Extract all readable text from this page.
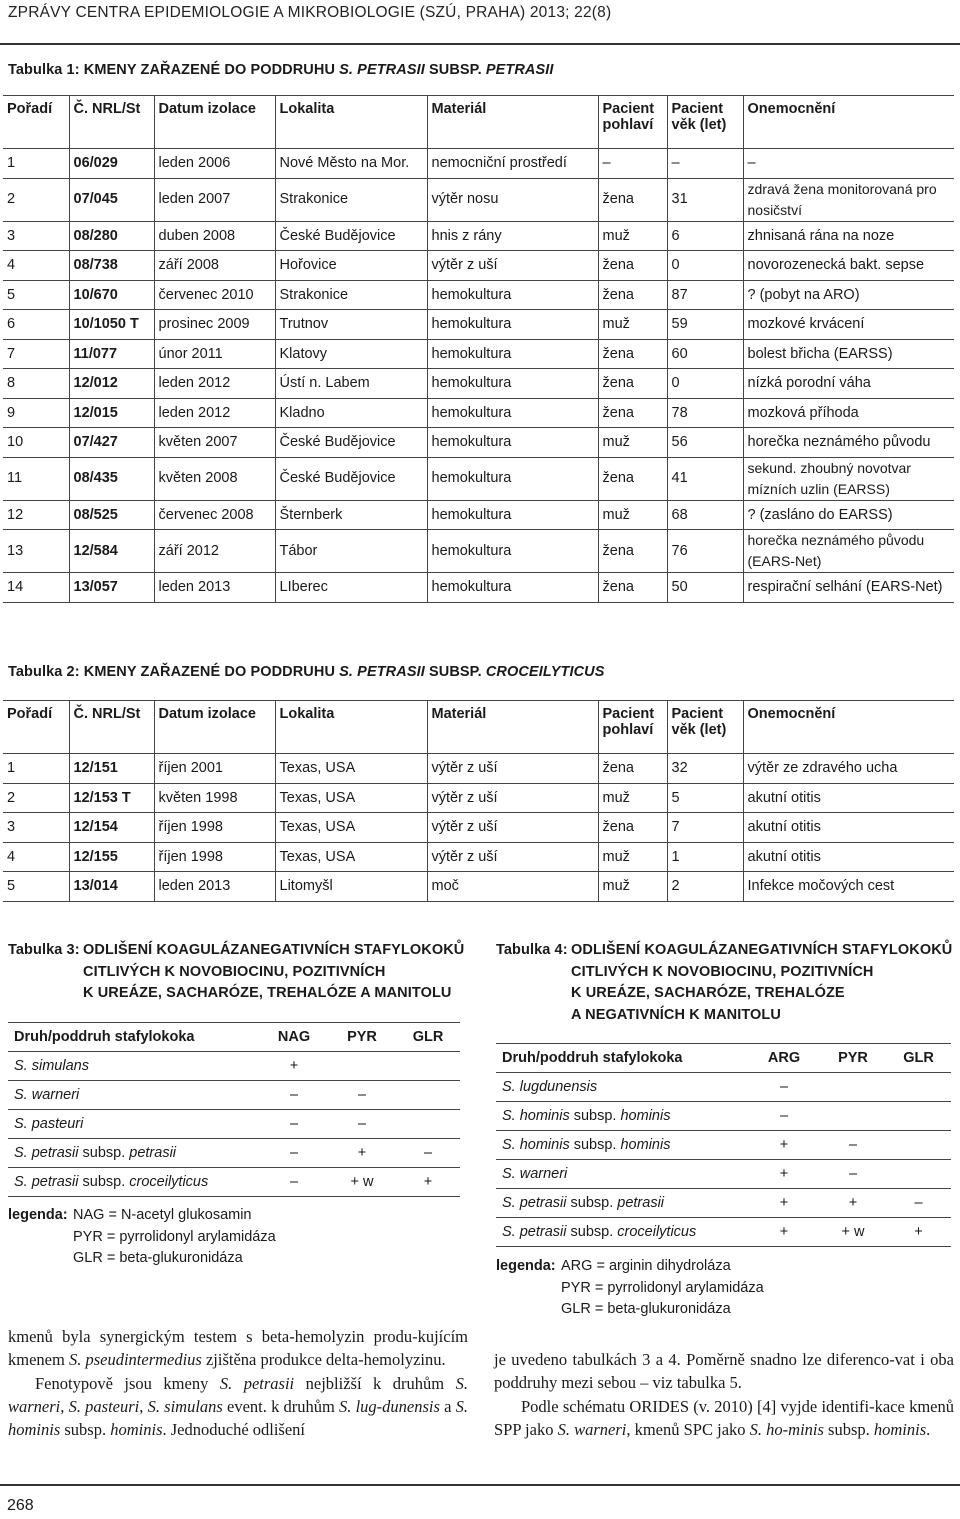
ZPRÁVY CENTRA EPIDEMIOLOGIE A MIKROBIOLOGIE (SZÚ, PRAHA) 2013; 22(8)
Tabulka 1: KMENY ZAŘAZENÉ DO PODDRUHU S. PETRASII SUBSP. PETRASII
Pořadí	Č. NRL/St	Datum izolace	Lokalita	Materiál	Pacient pohlaví	Pacient věk (let)	Onemocnění
1	06/029	leden 2006	Nové Město na Mor.	nemocniční prostředí	–	–	–
2	07/045	leden 2007	Strakonice	výtěr nosu	žena	31	zdravá žena monitorovaná pro nosičství
3	08/280	duben 2008	České Budějovice	hnis z rány	muž	6	zhnisaná rána na noze
4	08/738	září 2008	Hořovice	výtěr z uší	žena	0	novorozenecká bakt. sepse
5	10/670	červenec 2010	Strakonice	hemokultura	žena	87	? (pobyt na ARO)
6	10/1050 T	prosinec 2009	Trutnov	hemokultura	muž	59	mozkové krvácení
7	11/077	únor 2011	Klatovy	hemokultura	žena	60	bolest břicha (EARSS)
8	12/012	leden 2012	Ústí n. Labem	hemokultura	žena	0	nízká porodní váha
9	12/015	leden 2012	Kladno	hemokultura	žena	78	mozková příhoda
10	07/427	květen 2007	České Budějovice	hemokultura	muž	56	horečka neznámého původu
11	08/435	květen 2008	České Budějovice	hemokultura	žena	41	sekund. zhoubný novotvar mízních uzlin (EARSS)
12	08/525	červenec 2008	Šternberk	hemokultura	muž	68	? (zasláno do EARSS)
13	12/584	září 2012	Tábor	hemokultura	žena	76	horečka neznámého původu (EARS-Net)
14	13/057	leden 2013	LIberec	hemokultura	žena	50	respirační selhání (EARS-Net)
Tabulka 2: KMENY ZAŘAZENÉ DO PODDRUHU S. PETRASII SUBSP. CROCEILYTICUS
Pořadí	Č. NRL/St	Datum izolace	Lokalita	Materiál	Pacient pohlaví	Pacient věk (let)	Onemocnění
1	12/151	říjen 2001	Texas, USA	výtěr z uší	žena	32	výtěr ze zdravého ucha
2	12/153 T	květen 1998	Texas, USA	výtěr z uší	muž	5	akutní otitis
3	12/154	říjen 1998	Texas, USA	výtěr z uší	žena	7	akutní otitis
4	12/155	říjen 1998	Texas, USA	výtěr z uší	muž	1	akutní otitis
5	13/014	leden 2013	Litomyšl	moč	muž	2	Infekce močových cest
Tabulka 3: ODLIŠENÍ KOAGULÁZANEGATIVNÍCH STAFYLOKOKŮ
CITLIVÝCH K NOVOBIOCINU, POZITIVNÍCH
K UREÁZE, SACHARÓZE, TREHALÓZE A MANITOLU
Druh/poddruh stafylokoka	NAG	PYR	GLR
S. simulans	+		
S. warneri	–	–	
S. pasteuri	–	–	
S. petrasii subsp. petrasii	–	+	–
S. petrasii subsp. croceilyticus	–	+ w	+
legenda: NAG = N-acetyl glukosamin
PYR = pyrrolidonyl arylamidáza
GLR = beta-glukuronidáza
Tabulka 4: ODLIŠENÍ KOAGULÁZANEGATIVNÍCH STAFYLOKOKŮ
CITLIVÝCH K NOVOBIOCINU, POZITIVNÍCH
K UREÁZE, SACHARÓZE, TREHALÓZE
A NEGATIVNÍCH K MANITOLU
Druh/poddruh stafylokoka	ARG	PYR	GLR
S. lugdunensis	–		
S. hominis subsp. hominis	–		
S. hominis subsp. hominis	+	–	
S. warneri	+	–	
S. petrasii subsp. petrasii	+	+	–
S. petrasii subsp. croceilyticus	+	+ w	+
legenda: ARG = arginin dihydroláza
PYR = pyrrolidonyl arylamidáza
GLR = beta-glukuronidáza

kmenů byla synergickým testem s beta-hemolyzin produ-kujícím kmenem S. pseudintermedius zjištěna produkce delta-hemolyzinu.

Fenotypově jsou kmeny S. petrasii nejbližší k druhům S. warneri, S. pasteuri, S. simulans event. k druhům S. lug-dunensis a S. hominis subsp. hominis. Jednoduché odlišení

je uvedeno tabulkách 3 a 4. Poměrně snadno lze diferenco-vat i oba poddruhy mezi sebou – viz tabulka 5.

Podle schématu ORIDES (v. 2010) [4] vyjde identifi-kace kmenů SPP jako S. warneri, kmenů SPC jako S. ho-minis subsp. hominis.

268
